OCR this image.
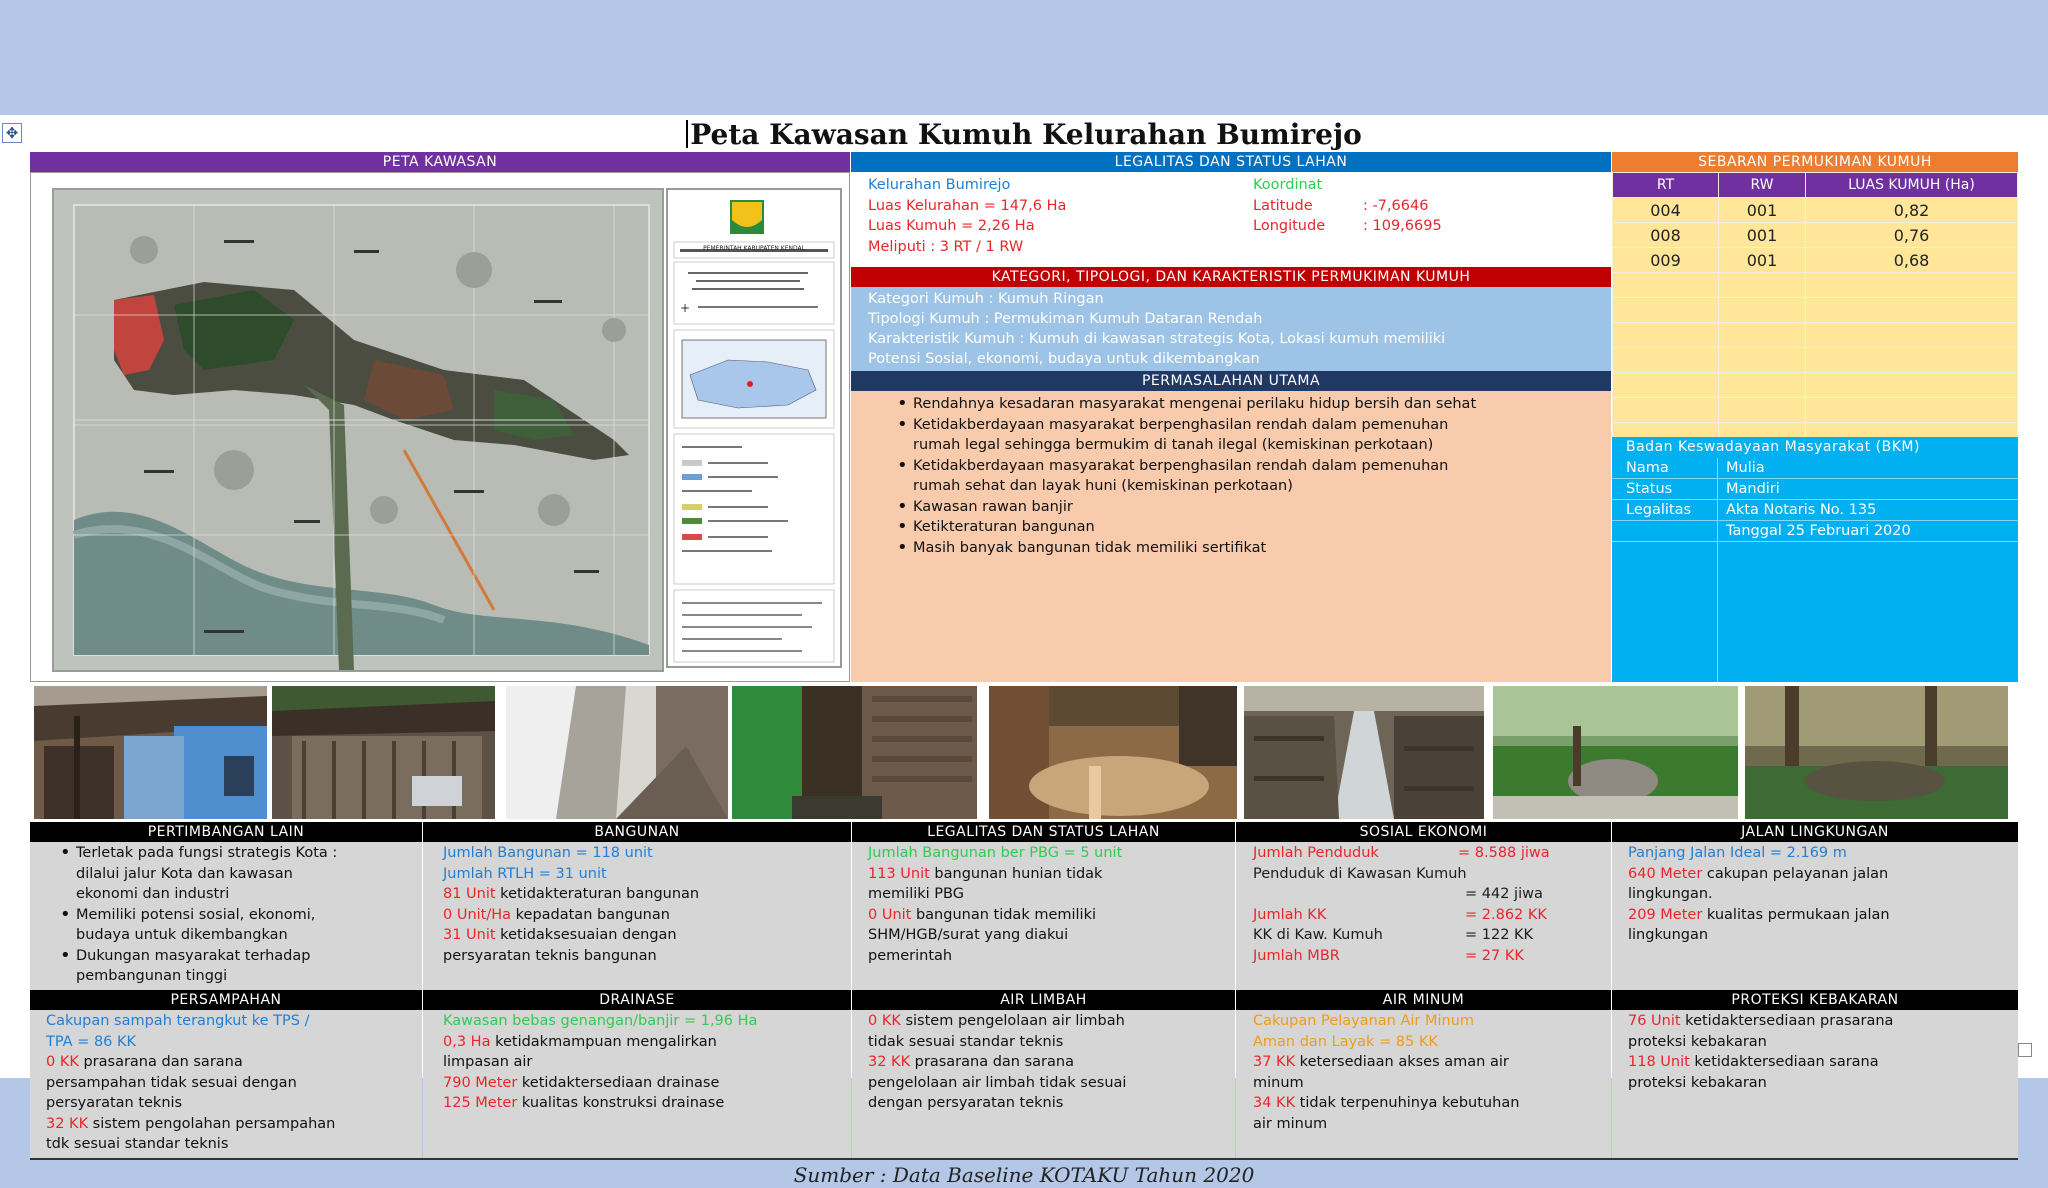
✥	Peta Kawasan Kumuh Kelurahan Bumirejo
PETA KAWASAN
+
PEMERINTAH KABUPATEN KENDAL
LEGALITAS DAN STATUS LAHAN
Kelurahan Bumirejo
Luas Kelurahan = 147,6 Ha
Luas Kumuh = 2,26 Ha
Meliputi : 3 RT / 1 RW
Koordinat
Latitude	: -7,6646
Longitude	: 109,6695
KATEGORI, TIPOLOGI, DAN KARAKTERISTIK PERMUKIMAN KUMUH
Kategori Kumuh : Kumuh Ringan
Tipologi Kumuh : Permukiman Kumuh Dataran Rendah
Karakteristik Kumuh : Kumuh di kawasan strategis Kota, Lokasi kumuh memiliki
Potensi Sosial, ekonomi, budaya untuk dikembangkan
PERMASALAHAN UTAMA
• Rendahnya kesadaran masyarakat mengenai perilaku hidup bersih dan sehat
• Ketidakberdayaan masyarakat berpenghasilan rendah dalam pemenuhan
rumah legal sehingga bermukim di tanah ilegal (kemiskinan perkotaan)
• Ketidakberdayaan masyarakat berpenghasilan rendah dalam pemenuhan
rumah sehat dan layak huni (kemiskinan perkotaan)
• Kawasan rawan banjir
• Ketikteraturan bangunan
• Masih banyak bangunan tidak memiliki sertifikat
SEBARAN PERMUKIMAN KUMUH
RT	RW	LUAS KUMUH (Ha)
004	001	0,82
008	001	0,76
009	001	0,68

Badan Keswadayaan Masyarakat (BKM)
Nama	Mulia
Status	Mandiri
Legalitas Akta Notaris No. 135
Tanggal 25 Februari 2020
PERTIMBANGAN LAIN	BANGUNAN	LEGALITAS DAN STATUS LAHAN	SOSIAL EKONOMI	JALAN LINGKUNGAN
• Terletak pada fungsi strategis Kota :
dilalui jalur Kota dan kawasan
ekonomi dan industri
• Memiliki potensi sosial, ekonomi,
budaya untuk dikembangkan
• Dukungan masyarakat terhadap
pembangunan tinggi
Jumlah Bangunan = 118 unit
Jumlah RTLH = 31 unit
81 Unit ketidakteraturan bangunan
0 Unit/Ha kepadatan bangunan
31 Unit ketidaksesuaian dengan
persyaratan teknis bangunan
Jumlah Bangunan ber PBG = 5 unit
113 Unit bangunan hunian tidak
memiliki PBG
0 Unit bangunan tidak memiliki
SHM/HGB/surat yang diakui
pemerintah
Jumlah Penduduk	= 8.588 jiwa
Penduduk di Kawasan Kumuh
= 442 jiwa
Jumlah KK	= 2.862 KK
KK di Kaw. Kumuh	= 122 KK
Jumlah MBR	= 27 KK
Panjang Jalan Ideal = 2.169 m
640 Meter cakupan pelayanan jalan
lingkungan.
209 Meter kualitas permukaan jalan
lingkungan
PERSAMPAHAN	DRAINASE	AIR LIMBAH	AIR MINUM	PROTEKSI KEBAKARAN
Cakupan sampah terangkut ke TPS /
TPA = 86 KK
0 KK prasarana dan sarana
persampahan tidak sesuai dengan
persyaratan teknis
32 KK sistem pengolahan persampahan
tdk sesuai standar teknis
Kawasan bebas genangan/banjir = 1,96 Ha
0,3 Ha ketidakmampuan mengalirkan
limpasan air
790 Meter ketidaktersediaan drainase
125 Meter kualitas konstruksi drainase
0 KK sistem pengelolaan air limbah
tidak sesuai standar teknis
32 KK prasarana dan sarana
pengelolaan air limbah tidak sesuai
dengan persyaratan teknis
Cakupan Pelayanan Air Minum
Aman dan Layak = 85 KK
37 KK ketersediaan akses aman air
minum
34 KK tidak terpenuhinya kebutuhan
air minum
76 Unit ketidaktersediaan prasarana
proteksi kebakaran
118 Unit ketidaktersediaan sarana
proteksi kebakaran
Sumber : Data Baseline KOTAKU Tahun 2020
